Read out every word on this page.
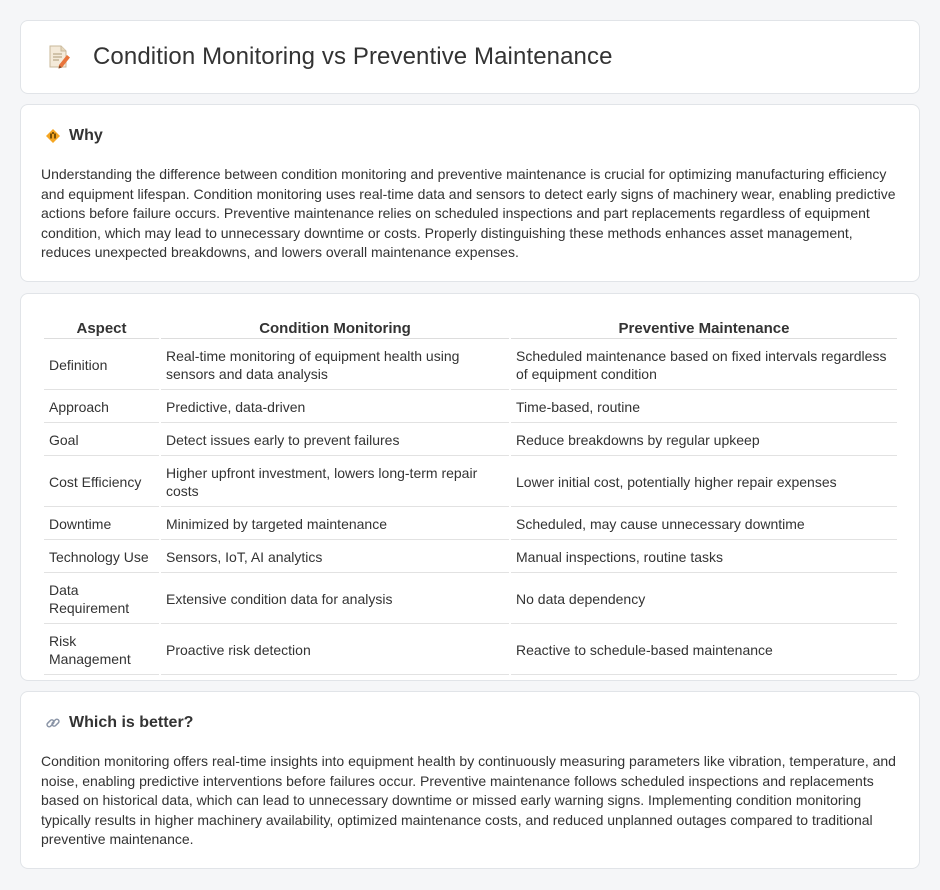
Condition Monitoring vs Preventive Maintenance
Why

Understanding the difference between condition monitoring and preventive maintenance is crucial for optimizing manufacturing efficiency and equipment lifespan. Condition monitoring uses real-time data and sensors to detect early signs of machinery wear, enabling predictive actions before failure occurs. Preventive maintenance relies on scheduled inspections and part replacements regardless of equipment condition, which may lead to unnecessary downtime or costs. Properly distinguishing these methods enhances asset management, reduces unexpected breakdowns, and lowers overall maintenance expenses.

Aspect	Condition Monitoring	Preventive Maintenance
Definition	Real-time monitoring of equipment health using sensors and data analysis	Scheduled maintenance based on fixed intervals regardless of equipment condition
Approach	Predictive, data-driven	Time-based, routine
Goal	Detect issues early to prevent failures	Reduce breakdowns by regular upkeep
Cost Efficiency	Higher upfront investment, lowers long-term repair costs	Lower initial cost, potentially higher repair expenses
Downtime	Minimized by targeted maintenance	Scheduled, may cause unnecessary downtime
Technology Use	Sensors, IoT, AI analytics	Manual inspections, routine tasks
Data Requirement	Extensive condition data for analysis	No data dependency
Risk Management	Proactive risk detection	Reactive to schedule-based maintenance
Which is better?

Condition monitoring offers real-time insights into equipment health by continuously measuring parameters like vibration, temperature, and noise, enabling predictive interventions before failures occur. Preventive maintenance follows scheduled inspections and replacements based on historical data, which can lead to unnecessary downtime or missed early warning signs. Implementing condition monitoring typically results in higher machinery availability, optimized maintenance costs, and reduced unplanned outages compared to traditional preventive maintenance.
